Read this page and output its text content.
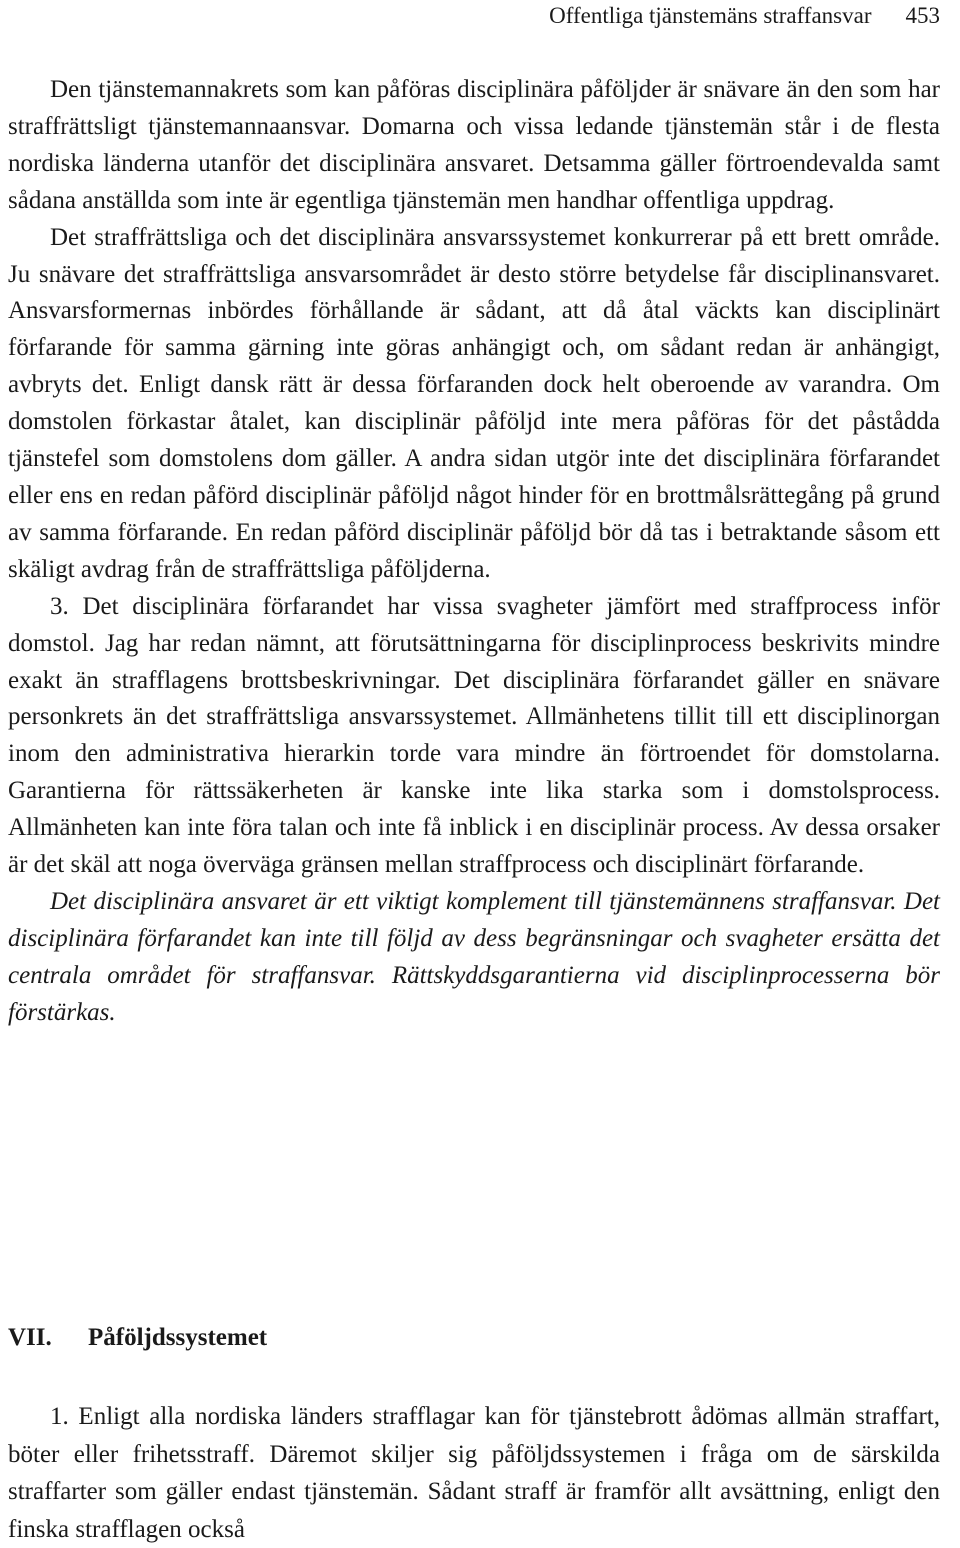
Offentliga tjänstemäns straffansvar 453

Den tjänstemannakrets som kan påföras disciplinära påföljder är snävare än den som har straffrättsligt tjänstemannaansvar. Domarna och vissa ledande tjänstemän står i de flesta nordiska länderna utanför det disciplinära ansvaret. Detsamma gäller förtroendevalda samt sådana anställda som inte är egentliga tjänstemän men handhar offentliga uppdrag.

Det straffrättsliga och det disciplinära ansvarssystemet konkurrerar på ett brett område. Ju snävare det straffrättsliga ansvarsområdet är desto större betydelse får disciplinansvaret. Ansvarsformernas inbördes förhållande är sådant, att då åtal väckts kan disciplinärt förfarande för samma gärning inte göras anhängigt och, om sådant redan är anhängigt, avbryts det. Enligt dansk rätt är dessa förfaranden dock helt oberoende av varandra. Om domstolen förkastar åtalet, kan disciplinär påföljd inte mera påföras för det påstådda tjänstefel som domstolens dom gäller. A andra sidan utgör inte det disciplinära förfarandet eller ens en redan påförd disciplinär påföljd något hinder för en brottmålsrättegång på grund av samma förfarande. En redan påförd disciplinär påföljd bör då tas i betraktande såsom ett skäligt avdrag från de straffrättsliga påföljderna.

3. Det disciplinära förfarandet har vissa svagheter jämfört med straffprocess inför domstol. Jag har redan nämnt, att förutsättningarna för disciplinprocess beskrivits mindre exakt än strafflagens brottsbeskrivningar. Det disciplinära förfarandet gäller en snävare personkrets än det straffrättsliga ansvarssystemet. Allmänhetens tillit till ett disciplinorgan inom den administrativa hierarkin torde vara mindre än förtroendet för domstolarna. Garantierna för rättssäkerheten är kanske inte lika starka som i domstolsprocess. Allmänheten kan inte föra talan och inte få inblick i en disciplinär process. Av dessa orsaker är det skäl att noga överväga gränsen mellan straffprocess och disciplinärt förfarande.

Det disciplinära ansvaret är ett viktigt komplement till tjänstemännens straffansvar. Det disciplinära förfarandet kan inte till följd av dess begränsningar och svagheter ersätta det centrala området för straffansvar. Rättskyddsgarantierna vid disciplinprocesserna bör förstärkas.

VII. Påföljdssystemet

1. Enligt alla nordiska länders strafflagar kan för tjänstebrott ådömas allmän straffart, böter eller frihetsstraff. Däremot skiljer sig påföljdssystemen i fråga om de särskilda straffarter som gäller endast tjänstemän. Sådant straff är framför allt avsättning, enligt den finska strafflagen också
